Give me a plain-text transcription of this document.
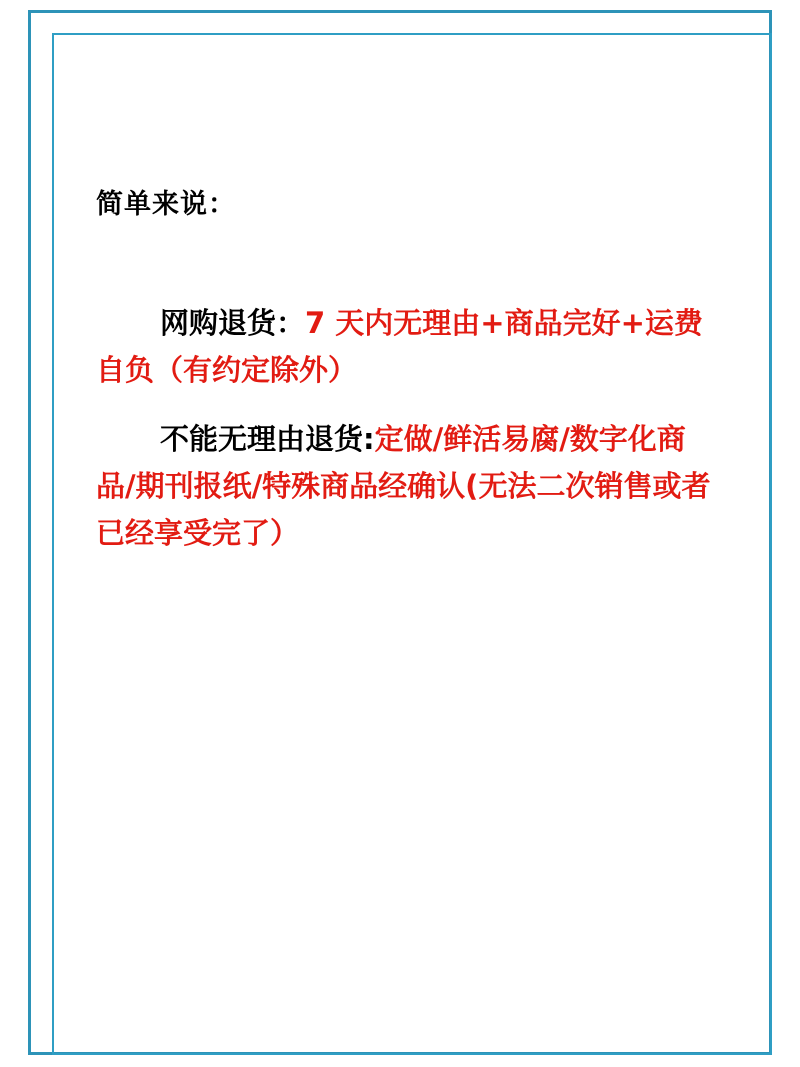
简单来说：

网购退货：7 天内无理由+商品完好+运费自负（有约定除外）

不能无理由退货:定做/鲜活易腐/数字化商品/期刊报纸/特殊商品经确认(无法二次销售或者已经享受完了）
